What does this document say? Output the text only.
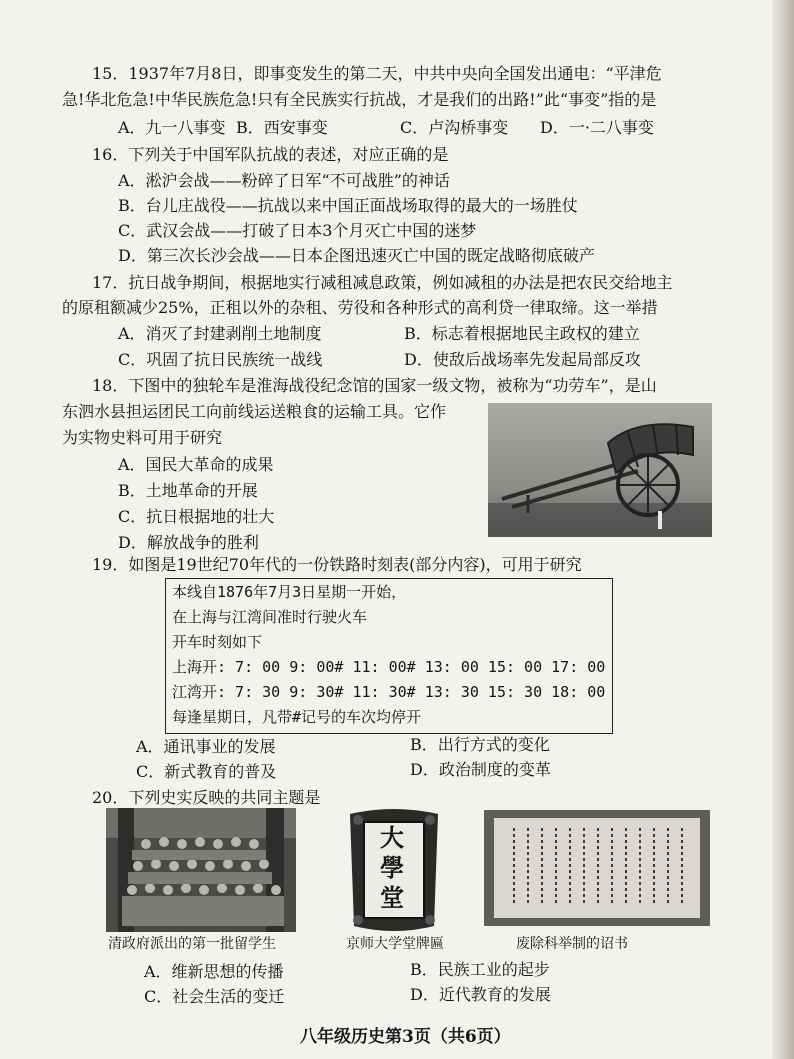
15．1937年7月8日，即事变发生的第二天，中共中央向全国发出通电：“平津危
急!华北危急!中华民族危急!只有全民族实行抗战，才是我们的出路!”此“事变”指的是
A．九一八事变 B．西安事变	C．卢沟桥事变 D．一·二八事变
16．下列关于中国军队抗战的表述，对应正确的是
A．淞沪会战——粉碎了日军“不可战胜”的神话
B．台儿庄战役——抗战以来中国正面战场取得的最大的一场胜仗
C．武汉会战——打破了日本3个月灭亡中国的迷梦
D．第三次长沙会战——日本企图迅速灭亡中国的既定战略彻底破产
17．抗日战争期间，根据地实行减租减息政策，例如减租的办法是把农民交给地主
的原租额减少25%，正租以外的杂租、劳役和各种形式的高利贷一律取缔。这一举措
A．消灭了封建剥削土地制度	B．标志着根据地民主政权的建立
C．巩固了抗日民族统一战线	D．使敌后战场率先发起局部反攻
18．下图中的独轮车是淮海战役纪念馆的国家一级文物，被称为“功劳车”，是山
东泗水县担运团民工向前线运送粮食的运输工具。它作
为实物史料可用于研究
A．国民大革命的成果
B．土地革命的开展
C．抗日根据地的壮大
D．解放战争的胜利
19．如图是19世纪70年代的一份铁路时刻表(部分内容)，可用于研究
本线自1876年7月3日星期一开始，
在上海与江湾间准时行驶火车
开车时刻如下
上海开: 7: 00 9: 00# 11: 00# 13: 00 15: 00 17: 00
江湾开: 7: 30 9: 30# 11: 30# 13: 30 15: 30 18: 00
每逢星期日，凡带#记号的车次均停开
A．通讯事业的发展	B．出行方式的变化
C．新式教育的普及	D．政治制度的变革
20．下列史实反映的共同主题是
大
學
堂
清政府派出的第一批留学生	京师大学堂牌匾	废除科举制的诏书
A．维新思想的传播	B．民族工业的起步
C．社会生活的变迁	D．近代教育的发展
八年级历史第3页（共6页）
